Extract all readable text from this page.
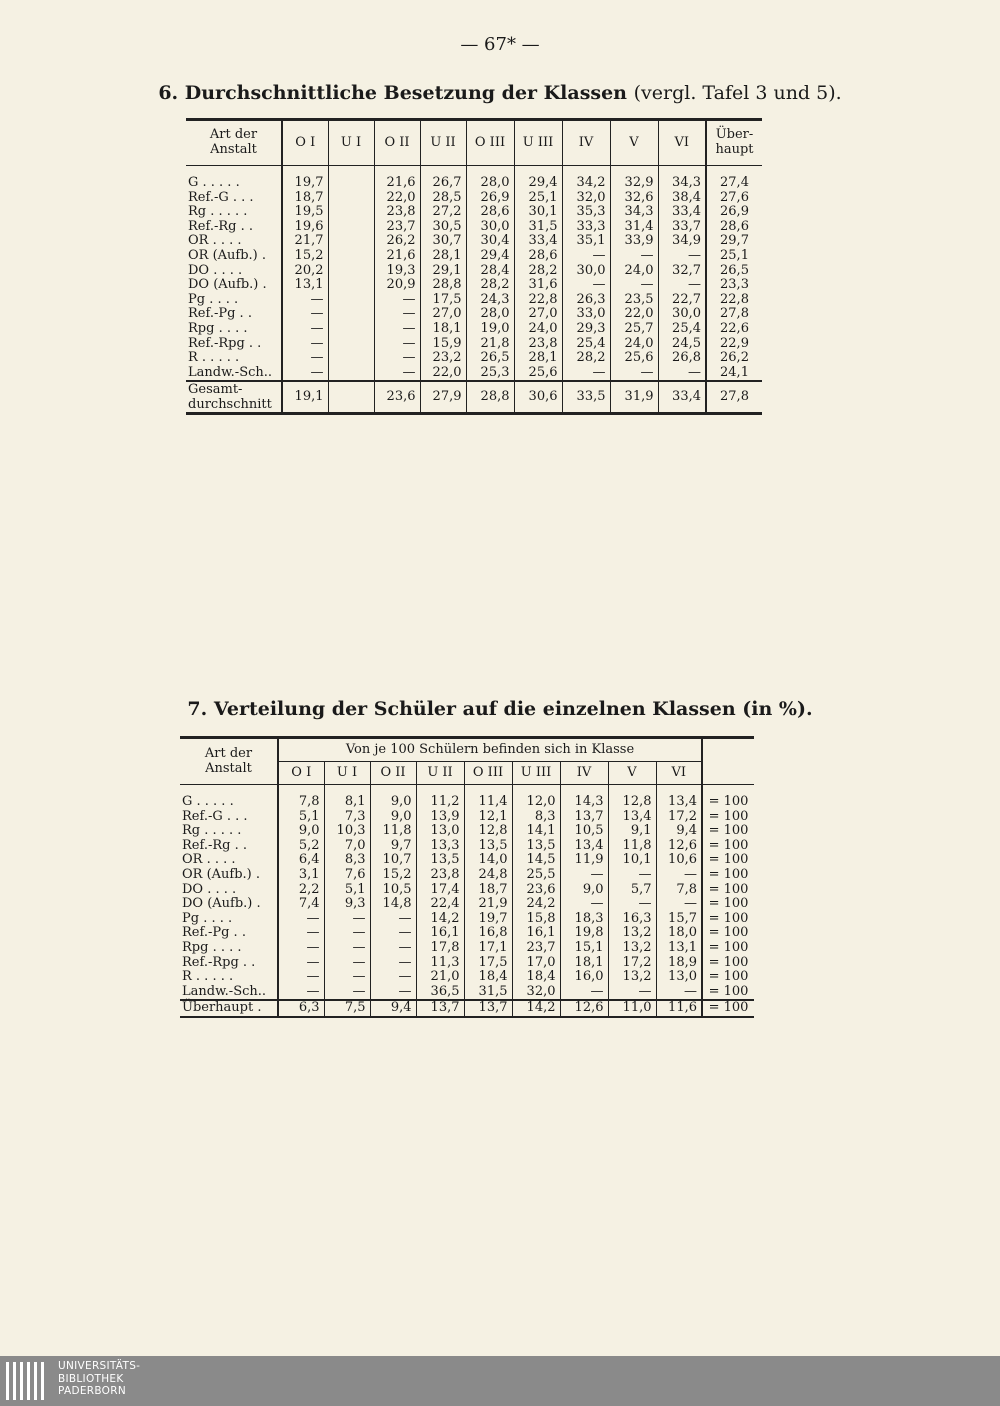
— 67* —
6. Durchschnittliche Besetzung der Klassen (vergl. Tafel 3 und 5).
Art der Anstalt	O I	U I	O II	U II	O III	U III	IV	V	VI	Über-haupt

G . . . . .	19,7		21,6	26,7	28,0	29,4	34,2	32,9	34,3	27,4
Ref.-G . . .	18,7		22,0	28,5	26,9	25,1	32,0	32,6	38,4	27,6
Rg . . . . .	19,5		23,8	27,2	28,6	30,1	35,3	34,3	33,4	26,9
Ref.-Rg . .	19,6		23,7	30,5	30,0	31,5	33,3	31,4	33,7	28,6
OR . . . .	21,7		26,2	30,7	30,4	33,4	35,1	33,9	34,9	29,7
OR (Aufb.) .	15,2		21,6	28,1	29,4	28,6	—	—	—	25,1
DO . . . .	20,2		19,3	29,1	28,4	28,2	30,0	24,0	32,7	26,5
DO (Aufb.) .	13,1		20,9	28,8	28,2	31,6	—	—	—	23,3
Pg . . . .	—		—	17,5	24,3	22,8	26,3	23,5	22,7	22,8
Ref.-Pg . .	—		—	27,0	28,0	27,0	33,0	22,0	30,0	27,8
Rpg . . . .	—		—	18,1	19,0	24,0	29,3	25,7	25,4	22,6
Ref.-Rpg . .	—		—	15,9	21,8	23,8	25,4	24,0	24,5	22,9
R . . . . .	—		—	23,2	26,5	28,1	28,2	25,6	26,8	26,2
Landw.-Sch..	—		—	22,0	25,3	25,6	—	—	—	24,1
Gesamt-durchschnitt	19,1		23,6	27,9	28,8	30,6	33,5	31,9	33,4	27,8
7. Verteilung der Schüler auf die einzelnen Klassen (in %).
Art der Anstalt	Von je 100 Schülern befinden sich in Klasse									
	O I	U I	O II	U II	O III	U III	IV	V	VI	

G . . . . .	7,8	8,1	9,0	11,2	11,4	12,0	14,3	12,8	13,4	= 100
Ref.-G . . .	5,1	7,3	9,0	13,9	12,1	8,3	13,7	13,4	17,2	= 100
Rg . . . . .	9,0	10,3	11,8	13,0	12,8	14,1	10,5	9,1	9,4	= 100
Ref.-Rg . .	5,2	7,0	9,7	13,3	13,5	13,5	13,4	11,8	12,6	= 100
OR . . . .	6,4	8,3	10,7	13,5	14,0	14,5	11,9	10,1	10,6	= 100
OR (Aufb.) .	3,1	7,6	15,2	23,8	24,8	25,5	—	—	—	= 100
DO . . . .	2,2	5,1	10,5	17,4	18,7	23,6	9,0	5,7	7,8	= 100
DO (Aufb.) .	7,4	9,3	14,8	22,4	21,9	24,2	—	—	—	= 100
Pg . . . .	—	—	—	14,2	19,7	15,8	18,3	16,3	15,7	= 100
Ref.-Pg . .	—	—	—	16,1	16,8	16,1	19,8	13,2	18,0	= 100
Rpg . . . .	—	—	—	17,8	17,1	23,7	15,1	13,2	13,1	= 100
Ref.-Rpg . .	—	—	—	11,3	17,5	17,0	18,1	17,2	18,9	= 100
R . . . . .	—	—	—	21,0	18,4	18,4	16,0	13,2	13,0	= 100
Landw.-Sch..	—	—	—	36,5	31,5	32,0	—	—	—	= 100
Überhaupt .	6,3	7,5	9,4	13,7	13,7	14,2	12,6	11,0	11,6	= 100
UNIVERSITÄTS-
BIBLIOTHEK
PADERBORN
